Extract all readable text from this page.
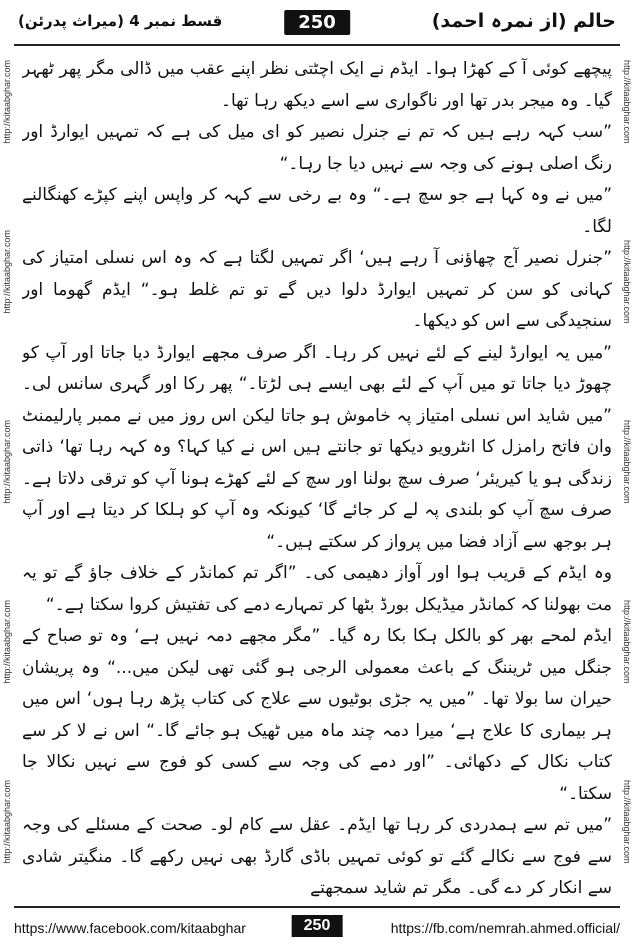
قسط نمبر 4 (میراث پدرئن)	250	حالم (از نمرہ احمد)
http://kitaabghar.com
http://kitaabghar.com
http://kitaabghar.com
http://kitaabghar.com
http://kitaabghar.com
http://kitaabghar.com
http://kitaabghar.com
http://kitaabghar.com
http://kitaabghar.com
http://kitaabghar.com

پیچھے کوئی آ کے کھڑا ہوا۔ ایڈم نے ایک اچٹتی نظر اپنے عقب میں ڈالی مگر پھر ٹھہر گیا۔ وہ میجر بدر تھا اور ناگواری سے اسے دیکھ رہا تھا۔

”سب کہہ رہے ہیں کہ تم نے جنرل نصیر کو ای میل کی ہے کہ تمہیں ایوارڈ اور رنگ اصلی ہونے کی وجہ سے نہیں دیا جا رہا۔“

”میں نے وہ کہا ہے جو سچ ہے۔“ وہ بے رخی سے کہہ کر واپس اپنے کپڑے کھنگالنے لگا۔

”جنرل نصیر آج چھاؤنی آ رہے ہیں‘ اگر تمہیں لگتا ہے کہ وہ اس نسلی امتیاز کی کہانی کو سن کر تمہیں ایوارڈ دلوا دیں گے تو تم غلط ہو۔“ ایڈم گھوما اور سنجیدگی سے اس کو دیکھا۔

”میں یہ ایوارڈ لینے کے لئے نہیں کر رہا۔ اگر صرف مجھے ایوارڈ دیا جاتا اور آپ کو چھوڑ دیا جاتا تو میں آپ کے لئے بھی ایسے ہی لڑتا۔“ پھر رکا اور گہری سانس لی۔ ”میں شاید اس نسلی امتیاز پہ خاموش ہو جاتا لیکن اس روز میں نے ممبر پارلیمنٹ وان فاتح رامزل کا انٹرویو دیکھا تو جانتے ہیں اس نے کیا کہا؟ وہ کہہ رہا تھا‘ ذاتی زندگی ہو یا کیریئر‘ صرف سچ بولنا اور سچ کے لئے کھڑے ہونا آپ کو ترقی دلاتا ہے۔ صرف سچ آپ کو بلندی پہ لے کر جائے گا‘ کیونکہ وہ آپ کو ہلکا کر دیتا ہے اور آپ ہر بوجھ سے آزاد فضا میں پرواز کر سکتے ہیں۔“

وہ ایڈم کے قریب ہوا اور آواز دھیمی کی۔ ”اگر تم کمانڈر کے خلاف جاؤ گے تو یہ مت بھولنا کہ کمانڈر میڈیکل بورڈ بٹھا کر تمہارے دمے کی تفتیش کروا سکتا ہے۔“

ایڈم لمحے بھر کو بالکل ہکا بکا رہ گیا۔ ”مگر مجھے دمہ نہیں ہے‘ وہ تو صباح کے جنگل میں ٹریننگ کے باعث معمولی الرجی ہو گئی تھی لیکن میں...“ وہ پریشان حیران سا بولا تھا۔ ”میں یہ جڑی بوٹیوں سے علاج کی کتاب پڑھ رہا ہوں‘ اس میں ہر بیماری کا علاج ہے‘ میرا دمہ چند ماہ میں ٹھیک ہو جائے گا۔“ اس نے لا کر سے کتاب نکال کے دکھائی۔ ”اور دمے کی وجہ سے کسی کو فوج سے نہیں نکالا جا سکتا۔“

”میں تم سے ہمدردی کر رہا تھا ایڈم۔ عقل سے کام لو۔ صحت کے مسئلے کی وجہ سے فوج سے نکالے گئے تو کوئی تمہیں باڈی گارڈ بھی نہیں رکھے گا۔ منگیتر شادی سے انکار کر دے گی۔ مگر تم شاید سمجھتے

https://www.facebook.com/kitaabghar	250	https://fb.com/nemrah.ahmed.official/
